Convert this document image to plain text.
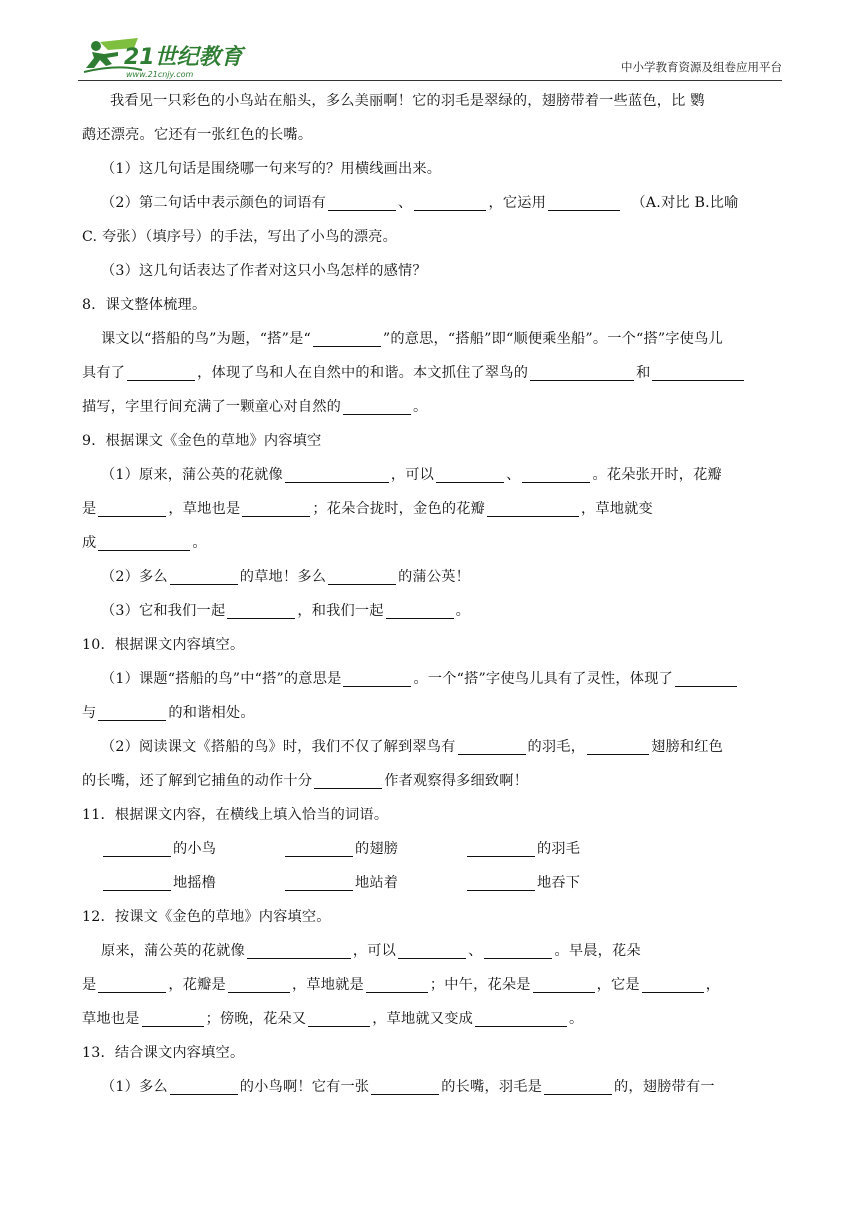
21世纪教育
www.21cnjy.com
中小学教育资源及组卷应用平台
我看见一只彩色的小鸟站在船头，多么美丽啊！它的羽毛是翠绿的，翅膀带着一些蓝色，比 鹦
鹉还漂亮。它还有一张红色的长嘴。
（1）这几句话是围绕哪一句来写的？用横线画出来。
（2）第二句话中表示颜色的词语有	、	，它运用	（A.对比 B.比喻
C. 夸张）（填序号）的手法，写出了小鸟的漂亮。
（3）这几句话表达了作者对这只小鸟怎样的感情？
8．课文整体梳理。
课文以“搭船的鸟”为题，“搭”是“	”的意思，“搭船”即“顺便乘坐船”。一个“搭”字使鸟儿
具有了	，体现了鸟和人在自然中的和谐。本文抓住了翠鸟的	和
描写，字里行间充满了一颗童心对自然的	。
9．根据课文《金色的草地》内容填空
（1）原来，蒲公英的花就像	，可以	、	。花朵张开时，花瓣
是	，草地也是	；花朵合拢时，金色的花瓣	，草地就变
成	。
（2）多么	的草地！多么	的蒲公英！
（3）它和我们一起	，和我们一起	。
10．根据课文内容填空。
（1）课题“搭船的鸟”中“搭”的意思是	。一个“搭”字使鸟儿具有了灵性，体现了
与	的和谐相处。
（2）阅读课文《搭船的鸟》时，我们不仅了解到翠鸟有	的羽毛，	翅膀和红色
的长嘴，还了解到它捕鱼的动作十分	作者观察得多细致啊！
11．根据课文内容，在横线上填入恰当的词语。
的小鸟	的翅膀	的羽毛
地摇橹	地站着	地吞下
12．按课文《金色的草地》内容填空。
原来，蒲公英的花就像	，可以	、	。早晨，花朵
是	，花瓣是	，草地就是	；中午，花朵是	，它是	，
草地也是	；傍晚，花朵又	，草地就又变成	。
13．结合课文内容填空。
（1）多么	的小鸟啊！它有一张	的长嘴，羽毛是	的，翅膀带有一
